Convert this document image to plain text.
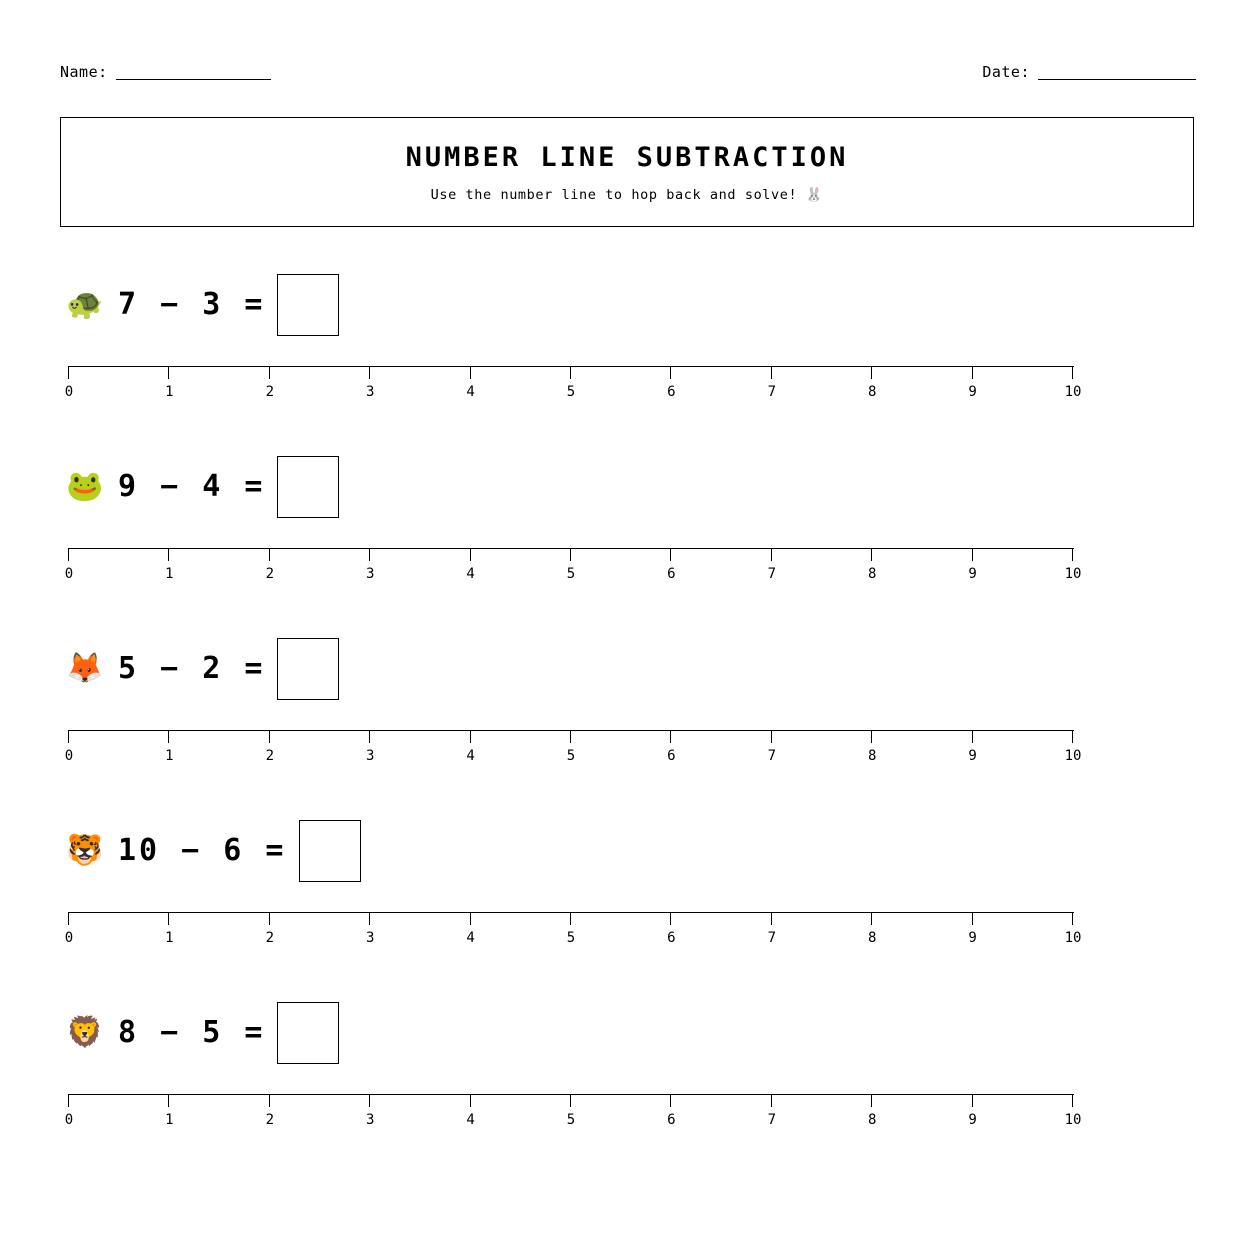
Name:	Date:
NUMBER LINE SUBTRACTION
Use the number line to hop back and solve! 🐰
🐢 7 − 3 =
0	1	2	3	4	5	6	7	8	9	10
🐸 9 − 4 =
0	1	2	3	4	5	6	7	8	9	10
🦊 5 − 2 =
0	1	2	3	4	5	6	7	8	9	10
🐯 10 − 6 =
0	1	2	3	4	5	6	7	8	9	10
🦁 8 − 5 =
0	1	2	3	4	5	6	7	8	9	10
